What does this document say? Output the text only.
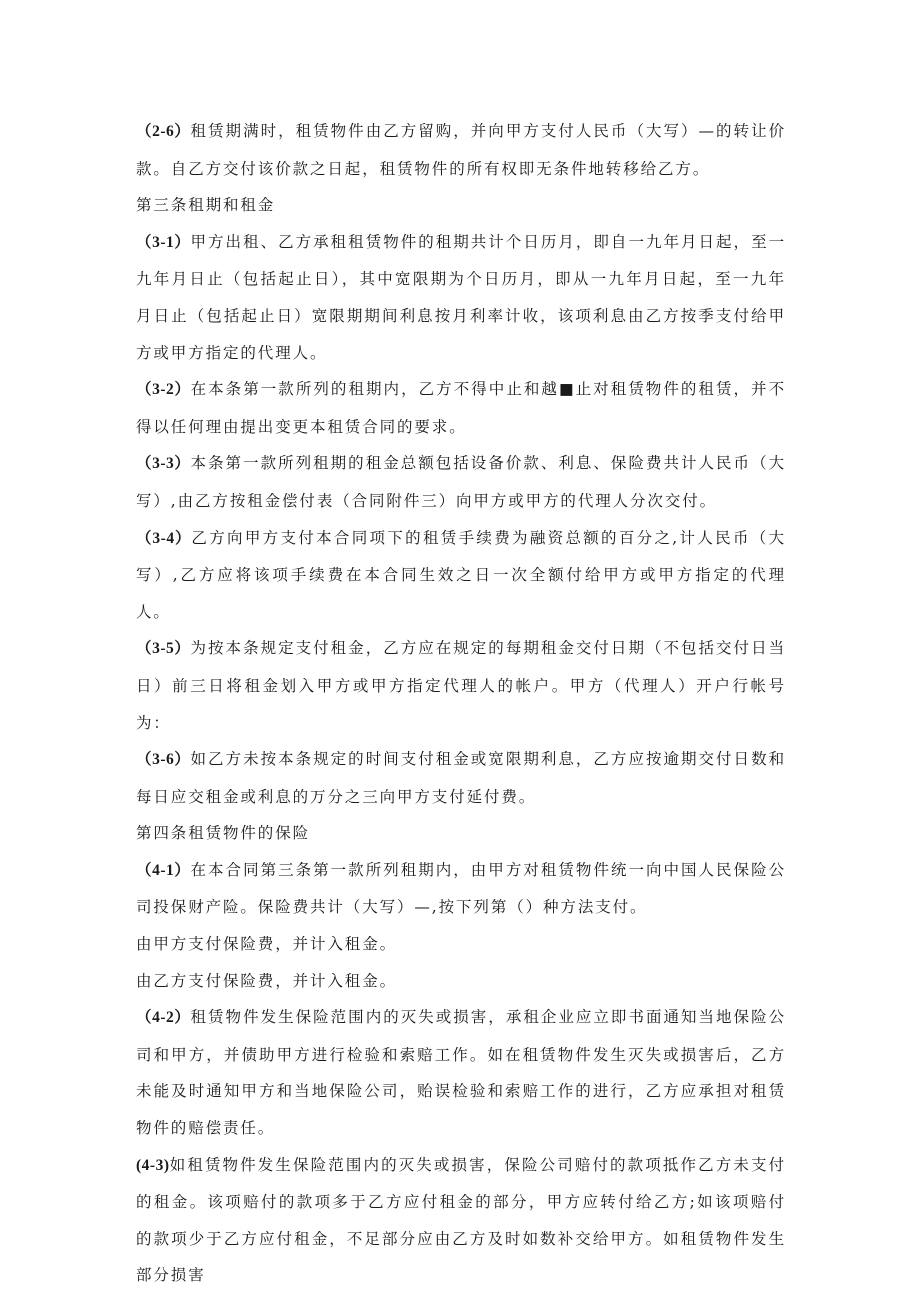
（2-6）租赁期满时，租赁物件由乙方留购，并向甲方支付人民币（大写）—的转让价款。自乙方交付该价款之日起，租赁物件的所有权即无条件地转移给乙方。

第三条租期和租金

（3-1）甲方出租、乙方承租租赁物件的租期共计个日历月，即自一九年月日起，至一九年月日止（包括起止日），其中宽限期为个日历月，即从一九年月日起，至一九年月日止（包括起止日）宽限期期间利息按月利率计收，该项利息由乙方按季支付给甲方或甲方指定的代理人。

（3-2）在本条第一款所列的租期内，乙方不得中止和越■止对租赁物件的租赁，并不得以任何理由提出变更本租赁合同的要求。

（3-3）本条第一款所列租期的租金总额包括设备价款、利息、保险费共计人民币（大写）,由乙方按租金偿付表（合同附件三）向甲方或甲方的代理人分次交付。

（3-4）乙方向甲方支付本合同项下的租赁手续费为融资总额的百分之,计人民币（大写）,乙方应将该项手续费在本合同生效之日一次全额付给甲方或甲方指定的代理人。

（3-5）为按本条规定支付租金，乙方应在规定的每期租金交付日期（不包括交付日当日）前三日将租金划入甲方或甲方指定代理人的帐户。甲方（代理人）开户行帐号为：

（3-6）如乙方未按本条规定的时间支付租金或宽限期利息，乙方应按逾期交付日数和每日应交租金或利息的万分之三向甲方支付延付费。

第四条租赁物件的保险

（4-1）在本合同第三条第一款所列租期内，由甲方对租赁物件统一向中国人民保险公司投保财产险。保险费共计（大写）—,按下列第（）种方法支付。

由甲方支付保险费，并计入租金。

由乙方支付保险费，并计入租金。

（4-2）租赁物件发生保险范围内的灭失或损害，承租企业应立即书面通知当地保险公司和甲方，并债助甲方进行检验和索赔工作。如在租赁物件发生灭失或损害后，乙方未能及时通知甲方和当地保险公司，贻误检验和索赔工作的进行，乙方应承担对租赁物件的赔偿责任。

(4-3)如租赁物件发生保险范围内的灭失或损害，保险公司赔付的款项抵作乙方未支付的租金。该项赔付的款项多于乙方应付租金的部分，甲方应转付给乙方;如该项赔付的款项少于乙方应付租金，不足部分应由乙方及时如数补交给甲方。如租赁物件发生部分损害
